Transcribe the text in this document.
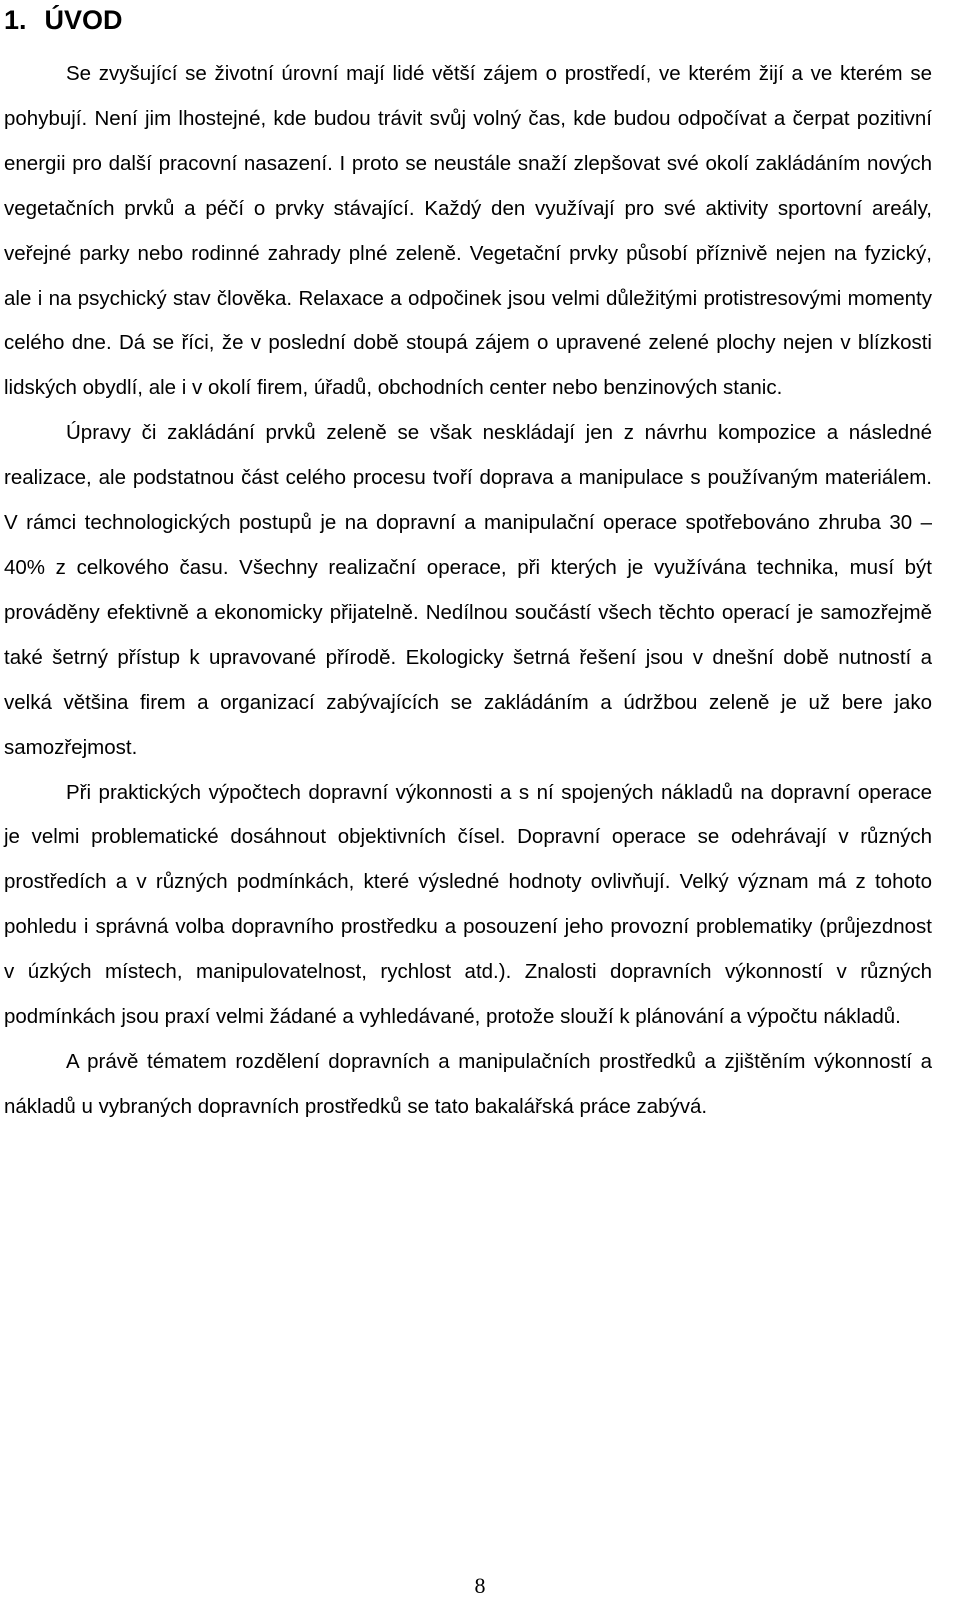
1. ÚVOD

Se zvyšující se životní úrovní mají lidé větší zájem o prostředí, ve kterém žijí a ve kterém se pohybují. Není jim lhostejné, kde budou trávit svůj volný čas, kde budou odpočívat a čerpat pozitivní energii pro další pracovní nasazení. I proto se neustále snaží zlepšovat své okolí zakládáním nových vegetačních prvků a péčí o prvky stávající. Každý den využívají pro své aktivity sportovní areály, veřejné parky nebo rodinné zahrady plné zeleně. Vegetační prvky působí příznivě nejen na fyzický, ale i na psychický stav člověka. Relaxace a odpočinek jsou velmi důležitými protistresovými momenty celého dne. Dá se říci, že v poslední době stoupá zájem o upravené zelené plochy nejen v blízkosti lidských obydlí, ale i v okolí firem, úřadů, obchodních center nebo benzinových stanic.

Úpravy či zakládání prvků zeleně se však neskládají jen z návrhu kompozice a následné realizace, ale podstatnou část celého procesu tvoří doprava a manipulace s používaným materiálem. V rámci technologických postupů je na dopravní a manipulační operace spotřebováno zhruba 30 – 40% z celkového času. Všechny realizační operace, při kterých je využívána technika, musí být prováděny efektivně a ekonomicky přijatelně. Nedílnou součástí všech těchto operací je samozřejmě také šetrný přístup k upravované přírodě. Ekologicky šetrná řešení jsou v dnešní době nutností a velká většina firem a organizací zabývajících se zakládáním a údržbou zeleně je už bere jako samozřejmost.

Při praktických výpočtech dopravní výkonnosti a s ní spojených nákladů na dopravní operace je velmi problematické dosáhnout objektivních čísel. Dopravní operace se odehrávají v různých prostředích a v různých podmínkách, které výsledné hodnoty ovlivňují. Velký význam má z tohoto pohledu i správná volba dopravního prostředku a posouzení jeho provozní problematiky (průjezdnost v úzkých místech, manipulovatelnost, rychlost atd.). Znalosti dopravních výkonností v různých podmínkách jsou praxí velmi žádané a vyhledávané, protože slouží k plánování a výpočtu nákladů.

A právě tématem rozdělení dopravních a manipulačních prostředků a zjištěním výkonností a nákladů u vybraných dopravních prostředků se tato bakalářská práce zabývá.

8
